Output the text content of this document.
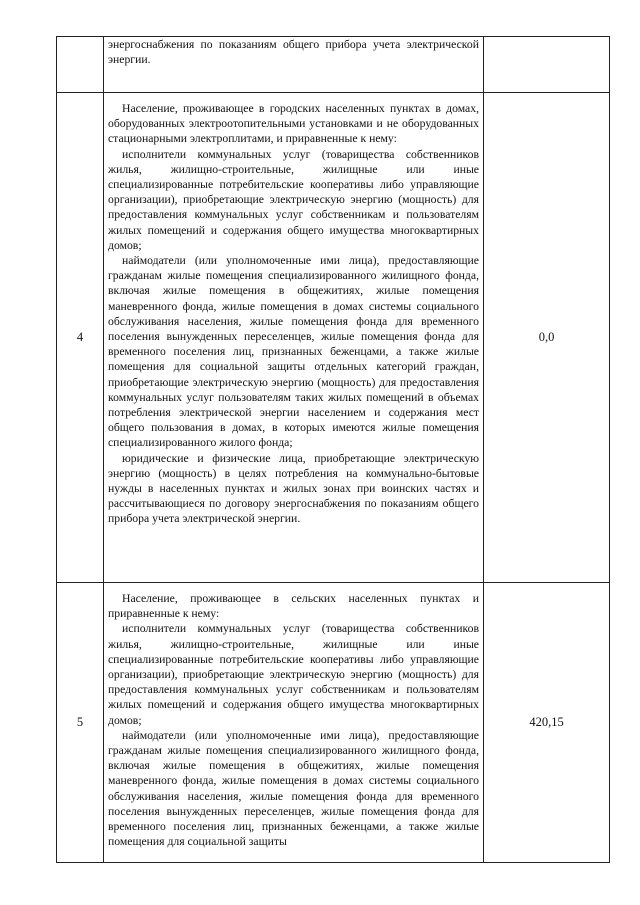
	энергоснабжения по показаниям общего прибора учета электрической энергии.	

4	Население, проживающее в городских населенных пунктах в домах, оборудованных электроотопительными установками и не оборудованных стационарными электроплитами, и приравненные к нему:

исполнители коммунальных услуг (товарищества собственников жилья, жилищно-строительные, жилищные или иные специализированные потребительские кооперативы либо управляющие организации), приобретающие электрическую энергию (мощность) для предоставления коммунальных услуг собственникам и пользователям жилых помещений и содержания общего имущества многоквартирных домов;

наймодатели (или уполномоченные ими лица), предоставляющие гражданам жилые помещения специализированного жилищного фонда, включая жилые помещения в общежитиях, жилые помещения маневренного фонда, жилые помещения в домах системы социального обслуживания населения, жилые помещения фонда для временного поселения вынужденных переселенцев, жилые помещения фонда для временного поселения лиц, признанных беженцами, а также жилые помещения для социальной защиты отдельных категорий граждан, приобретающие электрическую энергию (мощность) для предоставления коммунальных услуг пользователям таких жилых помещений в объемах потребления электрической энергии населением и содержания мест общего пользования в домах, в которых имеются жилые помещения специализированного жилого фонда;

юридические и физические лица, приобретающие электрическую энергию (мощность) в целях потребления на коммунально-бытовые нужды в населенных пунктах и жилых зонах при воинских частях и рассчитывающиеся по договору энергоснабжения по показаниям общего прибора учета электрической энергии.	0,0
5	Население, проживающее в сельских населенных пунктах и приравненные к нему:

исполнители коммунальных услуг (товарищества собственников жилья, жилищно-строительные, жилищные или иные специализированные потребительские кооперативы либо управляющие организации), приобретающие электрическую энергию (мощность) для предоставления коммунальных услуг собственникам и пользователям жилых помещений и содержания общего имущества многоквартирных домов;

наймодатели (или уполномоченные ими лица), предоставляющие гражданам жилые помещения специализированного жилищного фонда, включая жилые помещения в общежитиях, жилые помещения маневренного фонда, жилые помещения в домах системы социального обслуживания населения, жилые помещения фонда для временного поселения вынужденных переселенцев, жилые помещения фонда для временного поселения лиц, признанных беженцами, а также жилые помещения для социальной защиты	420,15
